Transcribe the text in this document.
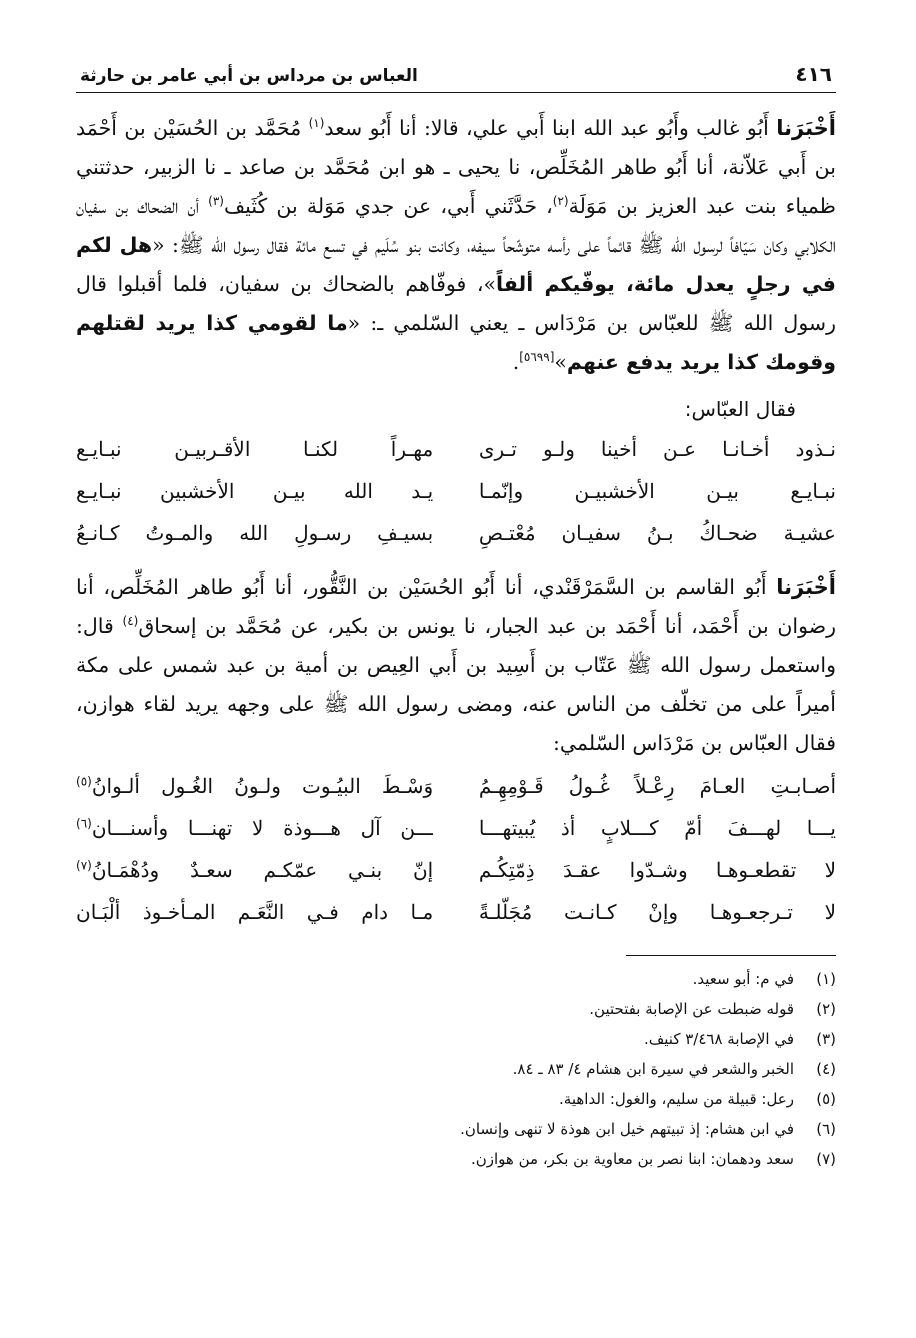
٤١٦
العباس بن مرداس بن أبي عامر بن حارثة

أَخْبَرَنا أَبُو غالب وأَبُو عبد الله ابنا أَبي علي، قالا: أنا أَبُو سعد$^{(١)}$ مُحَمَّد بن الحُسَيْن بن أَحْمَد بن أَبي عَلاّنة، أنا أَبُو طاهر المُخَلِّص، نا يحيى ـ هو ابن مُحَمَّد بن صاعد ـ نا الزبير، حدثتني ظمياء بنت عبد العزيز بن مَوَلَة$^{(٢)}$، حَدَّثَني أَبي، عن جدي مَوَلة بن كُثَيف$^{(٣)}$ أن الضحاك بن سفيان الكلابي وكان سَيّافاً لرسول الله ﷺ قائماً على رأسه متوشّحاً سيفه، وكانت بنو سُلَيم في تسع مائة فقال رسول الله ﷺ: «هل لكم في رجلٍ يعدل مائة، يوفّيكم ألفاً»، فوفّاهم بالضحاك بن سفيان، فلما أقبلوا قال رسول الله ﷺ للعبّاس بن مَرْدَاس ـ يعني السّلمي ـ: «ما لقومي كذا يريد لقتلهم وقومك كذا يريد يدفع عنهم»[٥٦٩٩].

فقال العبّاس:

نـذود أخـانـا عـن أخينا ولـو تـرى
مهـراً لكنـا الأقـربيـن نبـايـع
نبـايـع بيـن الأخشبيـن وإنّمـا
يـد الله بيـن الأخشبين نبـايـع
عشيـة ضحـاكُ بـنُ سفيـان مُعْتـصِ
بسيـفِ رسـولِ الله والمـوتُ كـانـعُ

أَخْبَرَنا أَبُو القاسم بن السَّمَرْقَنْدي، أنا أَبُو الحُسَيْن بن النَّقُّور، أنا أَبُو طاهر المُخَلِّص، أنا رضوان بن أَحْمَد، أنا أَحْمَد بن عبد الجبار، نا يونس بن بكير، عن مُحَمَّد بن إسحاق$^{(٤)}$ قال: واستعمل رسول الله ﷺ عَتّاب بن أَسِيد بن أَبي العِيص بن أمية بن عبد شمس على مكة أميراً على من تخلّف من الناس عنه، ومضى رسول الله ﷺ على وجهه يريد لقاء هوازن، فقال العبّاس بن مَرْدَاس السّلمي:

أصـابـتِ العـامَ رِعْـلاً غُـولُ قَـوْمِهِـمُ
وَسْـطَ البيُـوت ولـونُ الغُـول ألـوانُ$^{(٥)}$
يـــا لهـــفَ أمّ كـــلابٍ أذ يُبيتهـــا
ـــن آل هـــوذة لا تهنـــا وأسنـــان$^{(٦)}$
لا تقطعـوهـا وشـدّوا عقـدَ ذِمّتِكُـم
إنّ بنـي عمّكـم سعـدٌ ودُهْمَـانُ$^{(٧)}$
لا تـرجعـوهـا وإنْ كـانـت مُجَلّلـةً
مـا دام فـي النَّعَـم المـأخـوذ ألْبَـان
(١)
في م: أبو سعيد.
(٢)
قوله ضبطت عن الإصابة بفتحتين.
(٣)
في الإصابة ٣/٤٦٨ كنيف.
(٤)
الخبر والشعر في سيرة ابن هشام ٤/ ٨٣ ـ ٨٤.
(٥)
رعل: قبيلة من سليم، والغول: الداهية.
(٦)
في ابن هشام: إذ تبيتهم خيل ابن هوذة لا تنهى وإنسان.
(٧)
سعد ودهمان: ابنا نصر بن معاوية بن بكر، من هوازن.
